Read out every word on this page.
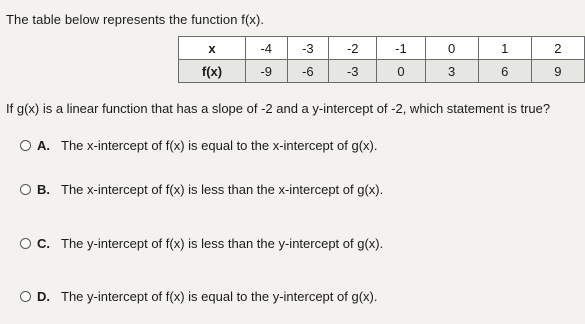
The table below represents the function f(x).
x	-4	-3	-2	-1	0	1	2
f(x)	-9	-6	-3	0	3	6	9
If g(x) is a linear function that has a slope of -2 and a y-intercept of -2, which statement is true?
A. The x-intercept of f(x) is equal to the x-intercept of g(x).
B. The x-intercept of f(x) is less than the x-intercept of g(x).
C. The y-intercept of f(x) is less than the y-intercept of g(x).
D. The y-intercept of f(x) is equal to the y-intercept of g(x).
